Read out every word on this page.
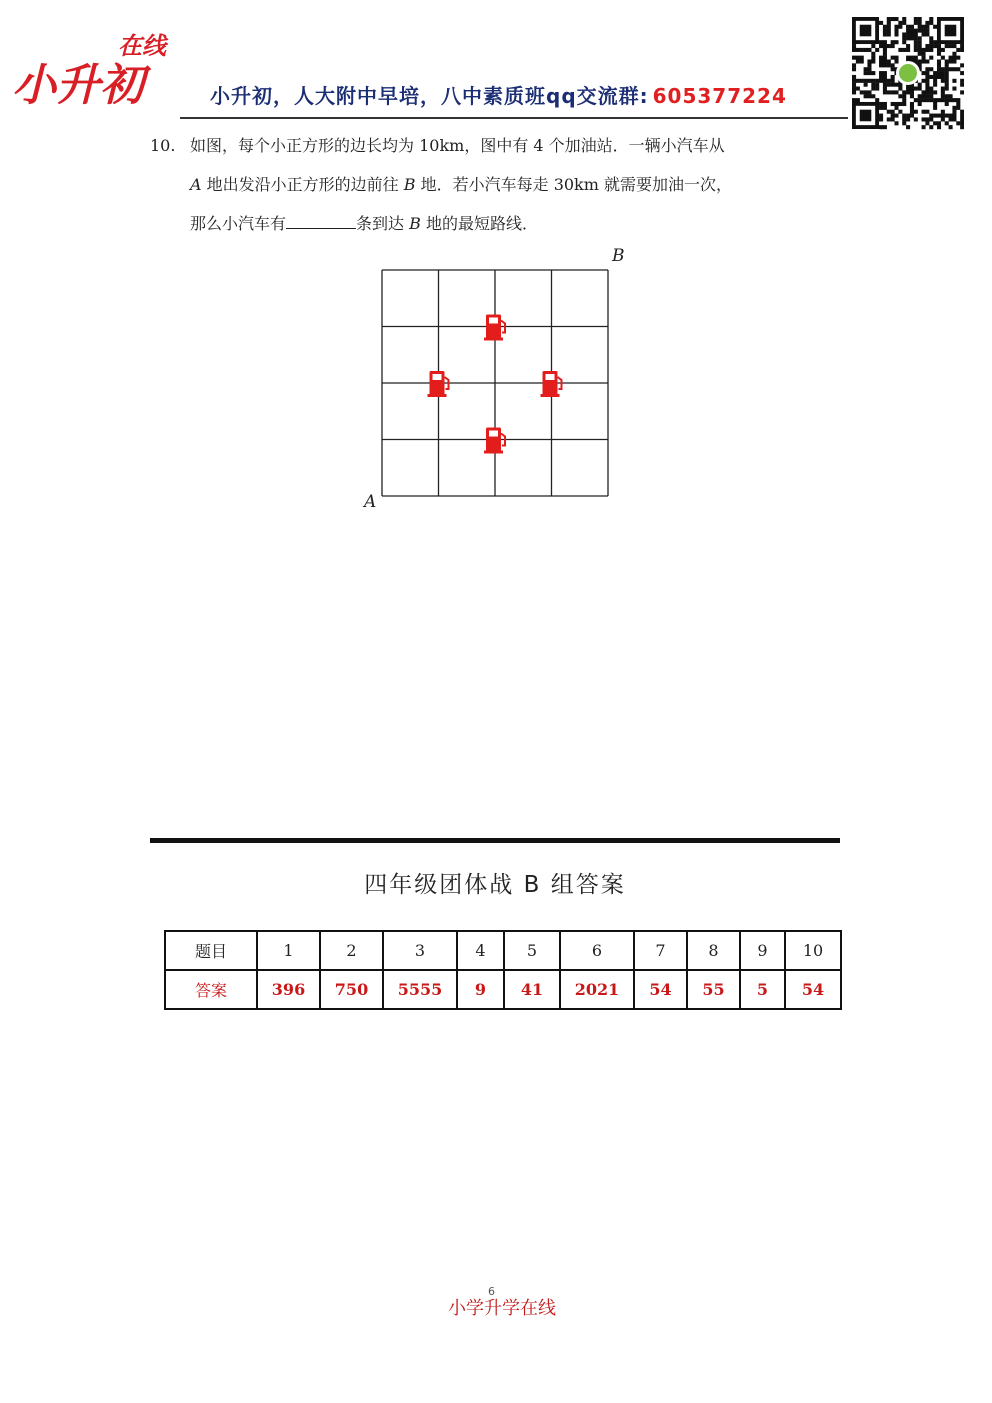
小升初
在线
小升初，人大附中早培，八中素质班qq交流群: 605377224
10. 如图，每个小正方形的边长均为 10km，图中有 4 个加油站．一辆小汽车从
A 地出发沿小正方形的边前往 B 地．若小汽车每走 30km 就需要加油一次，
那么小汽车有	条到达 B 地的最短路线．
B
A
四年级团体战 B 组答案
题目	1	2	3	4	5	6	7	8	9	10
答案	396	750	5555	9	41	2021	54	55	5	54
6
小学升学在线
